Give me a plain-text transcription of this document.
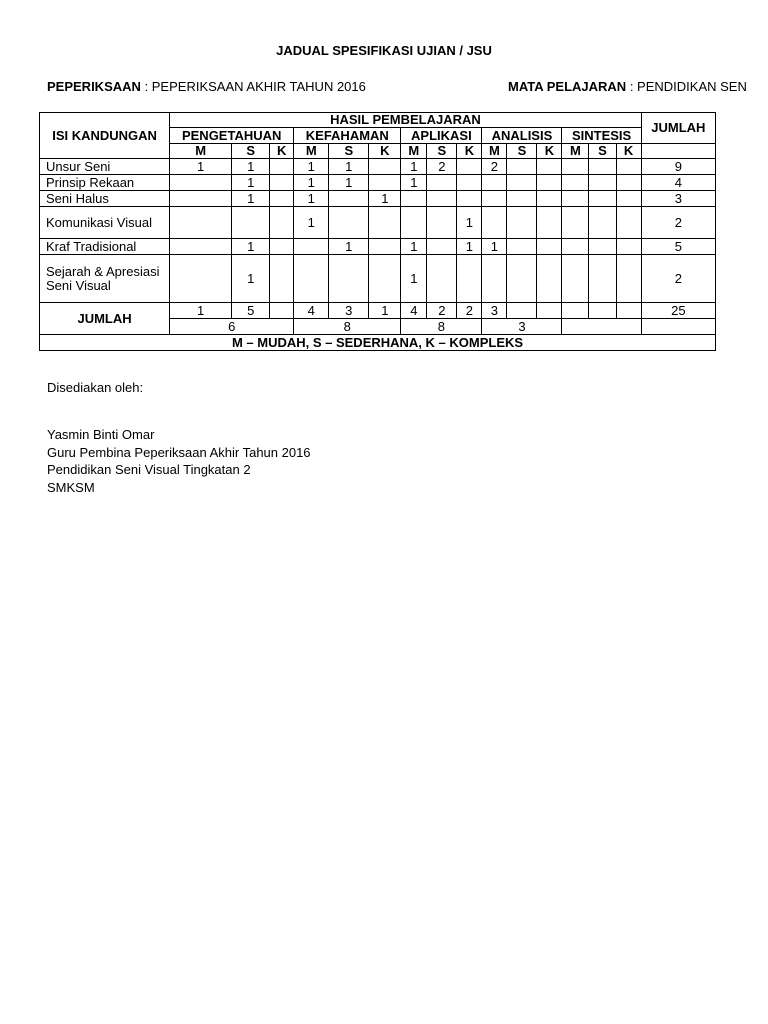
JADUAL SPESIFIKASI UJIAN / JSU
PEPERIKSAAN : PEPERIKSAAN AKHIR TAHUN 2016	MATA PELAJARAN : PENDIDIKAN SEN
ISI KANDUNGAN	HASIL PEMBELAJARAN															JUMLAH
	PENGETAHUAN			KEFAHAMAN			APLIKASI			ANALISIS			SINTESIS			
	M	S	K	M	S	K	M	S	K	M	S	K	M	S	K	
Unsur Seni	1	1		1	1		1	2		2						9
Prinsip Rekaan		1		1	1		1									4
Seni Halus		1		1		1										3
Komunikasi Visual				1					1							2
Kraf Tradisional		1			1		1		1	1						5
Sejarah & Apresiasi Seni Visual		1					1									2
JUMLAH	1	5		4	3	1	4	2	2	3						25
	6			8			8			3						
M – MUDAH, S – SEDERHANA, K – KOMPLEKS																
Disediakan oleh:
Yasmin Binti Omar
Guru Pembina Peperiksaan Akhir Tahun 2016
Pendidikan Seni Visual Tingkatan 2
SMKSM
